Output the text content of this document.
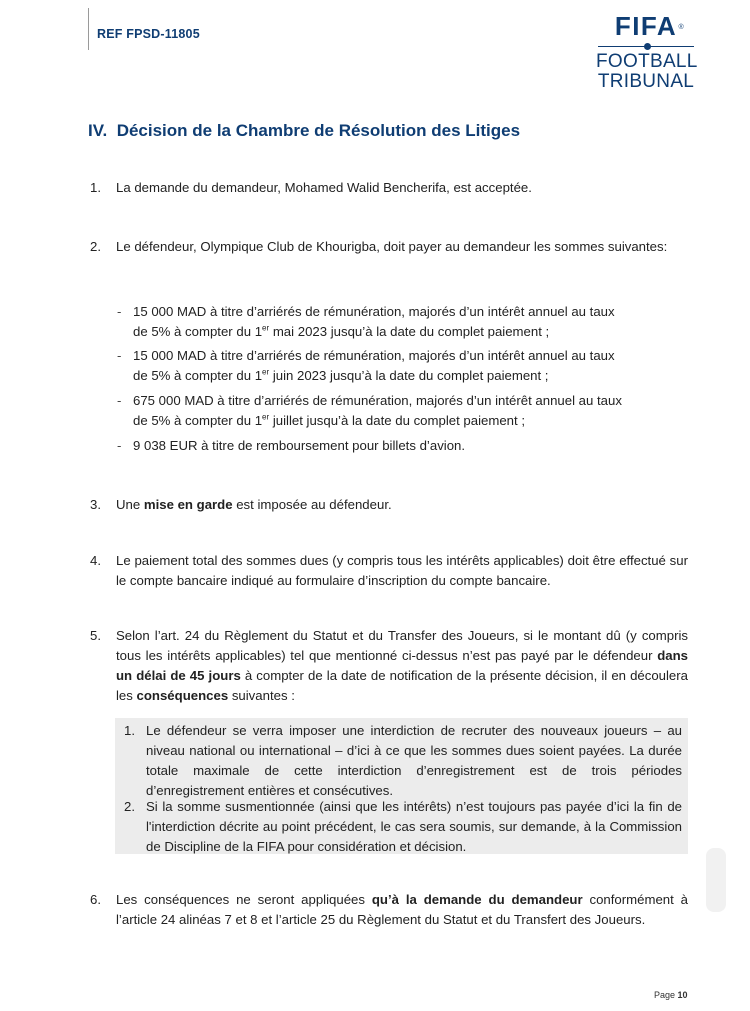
REF FPSD-11805	FIFA ®
FOOTBALL
TRIBUNAL
IV. Décision de la Chambre de Résolution des Litiges
1. La demande du demandeur, Mohamed Walid Bencherifa, est acceptée.
2. Le défendeur, Olympique Club de Khourigba, doit payer au demandeur les sommes suivantes:
- 15 000 MAD à titre d’arriérés de rémunération, majorés d’un intérêt annuel au taux
de 5% à compter du 1er mai 2023 jusqu’à la date du complet paiement ;
- 15 000 MAD à titre d’arriérés de rémunération, majorés d’un intérêt annuel au taux
de 5% à compter du 1er juin 2023 jusqu’à la date du complet paiement ;
- 675 000 MAD à titre d’arriérés de rémunération, majorés d’un intérêt annuel au taux
de 5% à compter du 1er juillet jusqu’à la date du complet paiement ;
- 9 038 EUR à titre de remboursement pour billets d’avion.
3. Une mise en garde est imposée au défendeur.
4. Le paiement total des sommes dues (y compris tous les intérêts applicables) doit être effectué sur le compte bancaire indiqué au formulaire d’inscription du compte bancaire.
5. Selon l’art. 24 du Règlement du Statut et du Transfer des Joueurs, si le montant dû (y compris tous les intérêts applicables) tel que mentionné ci-dessus n’est pas payé par le défendeur dans un délai de 45 jours à compter de la date de notification de la présente décision, il en découlera les conséquences suivantes :
1. Le défendeur se verra imposer une interdiction de recruter des nouveaux joueurs – au niveau national ou international – d’ici à ce que les sommes dues soient payées. La durée totale maximale de cette interdiction d’enregistrement est de trois périodes d’enregistrement entières et consécutives.
2. Si la somme susmentionnée (ainsi que les intérêts) n’est toujours pas payée d’ici la fin de l'interdiction décrite au point précédent, le cas sera soumis, sur demande, à la Commission de Discipline de la FIFA pour considération et décision.
6. Les conséquences ne seront appliquées qu’à la demande du demandeur conformément à l’article 24 alinéas 7 et 8 et l’article 25 du Règlement du Statut et du Transfert des Joueurs.
Page 10
